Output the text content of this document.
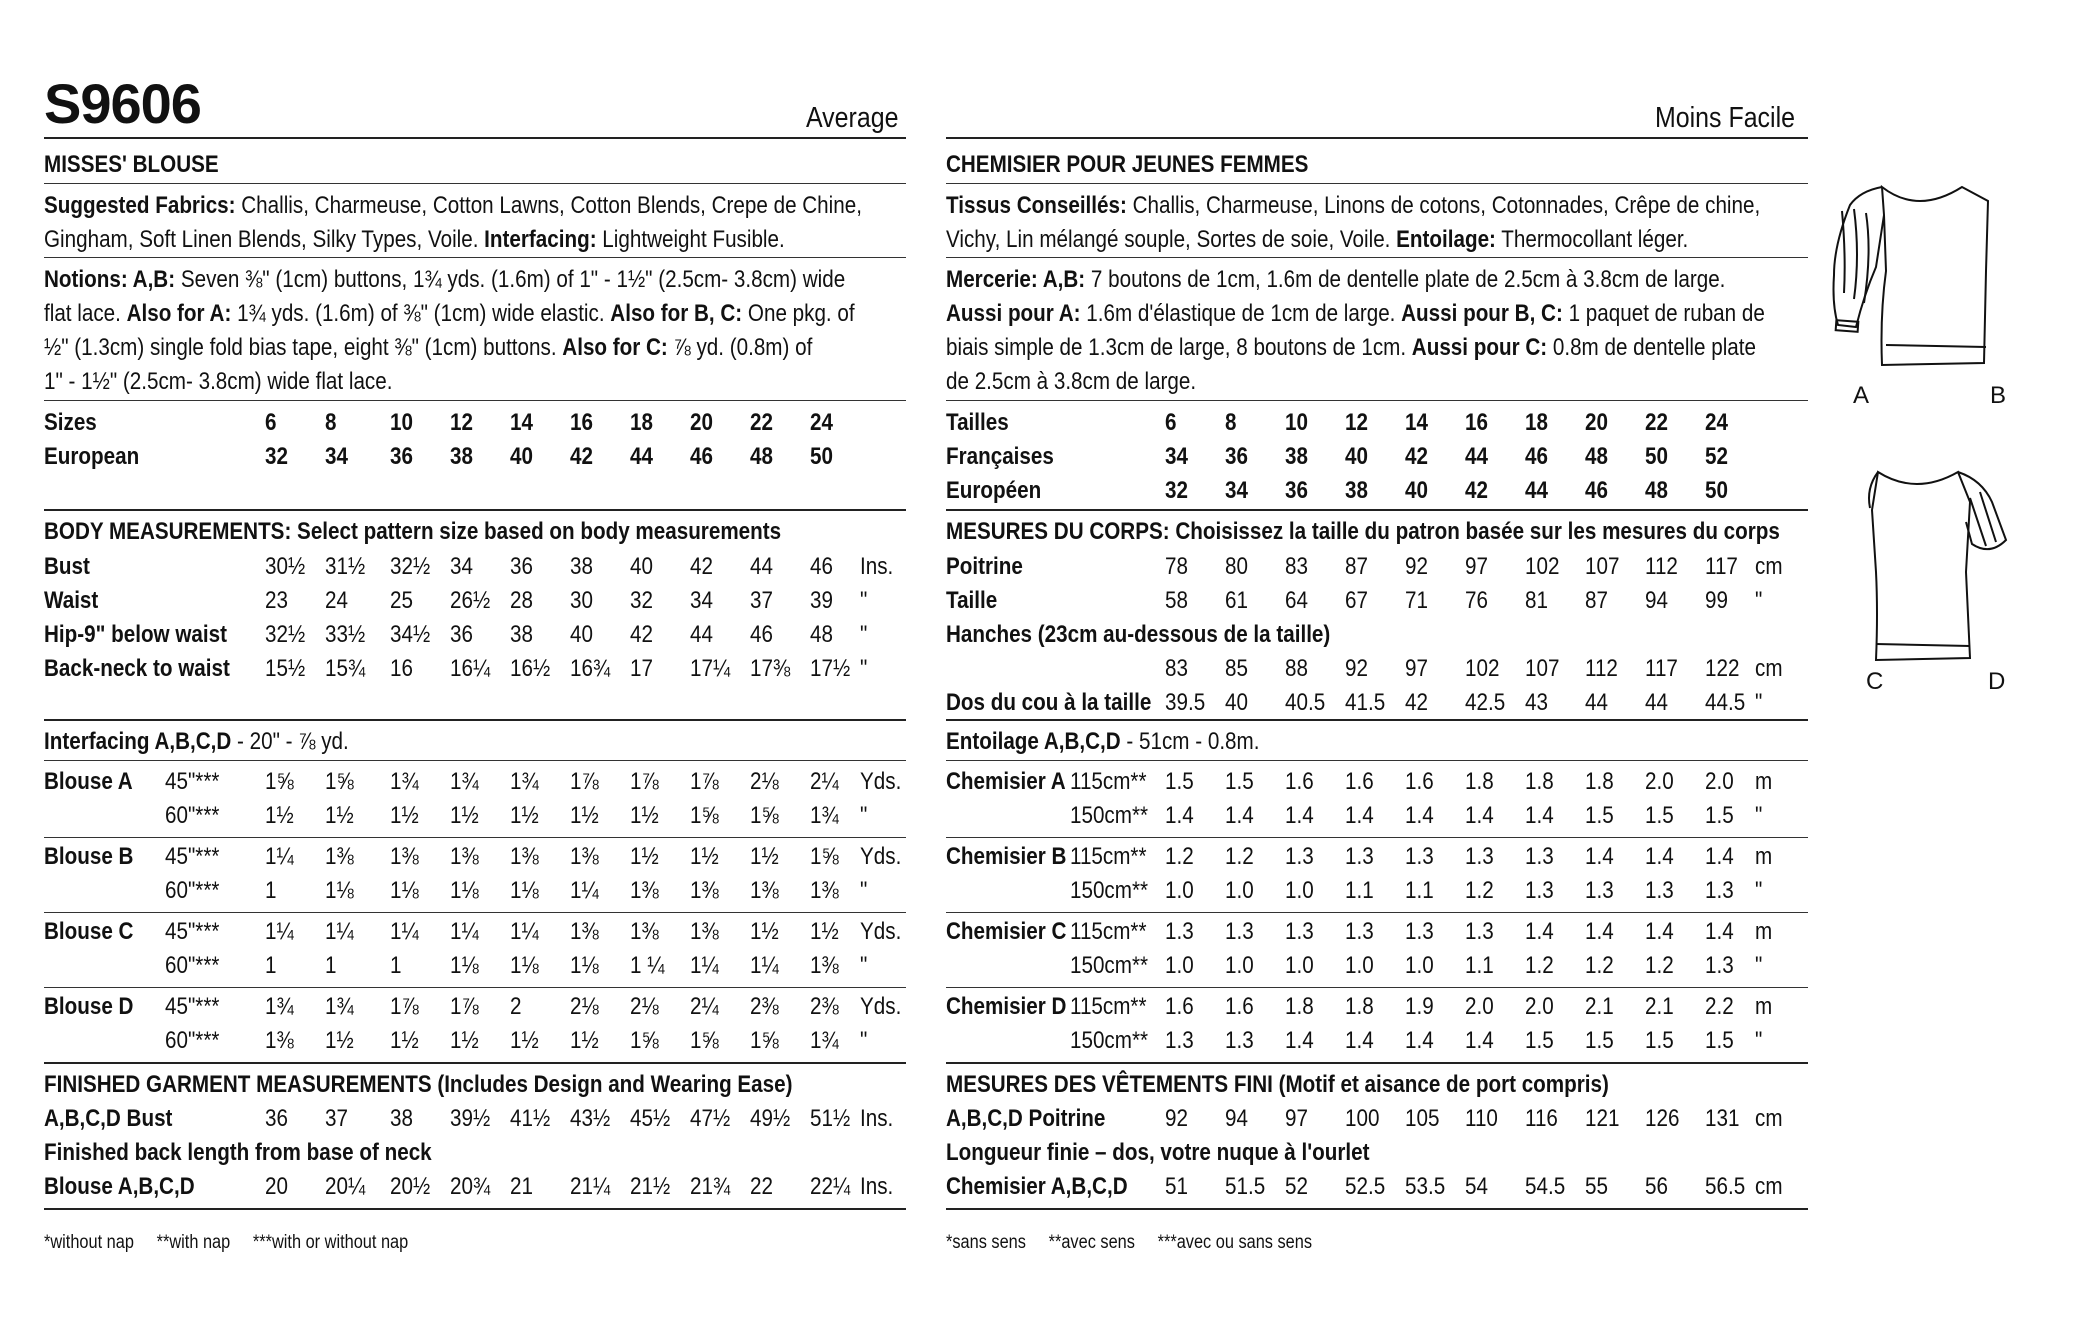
S9606	Average	Moins Facile
MISSES' BLOUSE
Suggested Fabrics: Challis, Charmeuse, Cotton Lawns, Cotton Blends, Crepe de Chine,
Gingham, Soft Linen Blends, Silky Types, Voile. Interfacing: Lightweight Fusible.
Notions: A,B: Seven ⅜" (1cm) buttons, 1¾ yds. (1.6m) of 1" - 1½" (2.5cm- 3.8cm) wide
flat lace. Also for A: 1¾ yds. (1.6m) of ⅜" (1cm) wide elastic. Also for B, C: One pkg. of
½" (1.3cm) single fold bias tape, eight ⅜" (1cm) buttons. Also for C: ⅞ yd. (0.8m) of
1" - 1½" (2.5cm- 3.8cm) wide flat lace.
Sizes	6 8 10 12 14 16 18 20 22 24
European	32 34 36 38 40 42 44 46 48 50
BODY MEASUREMENTS: Select pattern size based on body measurements
Bust	30½ 31½ 32½ 34 36 38 40 42 44 46 Ins.
Waist	23 24 25 26½ 28 30 32 34 37 39 "
Hip-9" below waist 32½ 33½ 34½ 36 38 40 42 44 46 48 "
Back-neck to waist 15½ 15¾ 16 16¼ 16½ 16¾ 17 17¼ 17⅜ 17½ "
Interfacing A,B,C,D - 20" - ⅞ yd.
Blouse A 45"*** 1⅝ 1⅝ 1¾ 1¾ 1¾ 1⅞ 1⅞ 1⅞ 2⅛ 2¼ Yds.
60"*** 1½ 1½ 1½ 1½ 1½ 1½ 1½ 1⅝ 1⅝ 1¾ "
Blouse B 45"*** 1¼ 1⅜ 1⅜ 1⅜ 1⅜ 1⅜ 1½ 1½ 1½ 1⅝ Yds.
60"*** 1 1⅛ 1⅛ 1⅛ 1⅛ 1¼ 1⅜ 1⅜ 1⅜ 1⅜ "
Blouse C 45"*** 1¼ 1¼ 1¼ 1¼ 1¼ 1⅜ 1⅜ 1⅜ 1½ 1½ Yds.
60"*** 1 1 1 1⅛ 1⅛ 1⅛ 1 ¼ 1¼ 1¼ 1⅜ "
Blouse D 45"*** 1¾ 1¾ 1⅞ 1⅞ 2 2⅛ 2⅛ 2¼ 2⅜ 2⅜ Yds.
60"*** 1⅜ 1½ 1½ 1½ 1½ 1½ 1⅝ 1⅝ 1⅝ 1¾ "
FINISHED GARMENT MEASUREMENTS (Includes Design and Wearing Ease)
A,B,C,D Bust	36 37 38 39½ 41½ 43½ 45½ 47½ 49½ 51½ Ins.
Finished back length from base of neck
Blouse A,B,C,D	20 20¼ 20½ 20¾ 21 21¼ 21½ 21¾ 22 22¼ Ins.
*without nap     **with nap     ***with or without nap
CHEMISIER POUR JEUNES FEMMES
Tissus Conseillés: Challis, Charmeuse, Linons de cotons, Cotonnades, Crêpe de chine,
Vichy, Lin mélangé souple, Sortes de soie, Voile. Entoilage: Thermocollant léger.
Mercerie: A,B: 7 boutons de 1cm, 1.6m de dentelle plate de 2.5cm à 3.8cm de large.
Aussi pour A: 1.6m d'élastique de 1cm de large. Aussi pour B, C: 1 paquet de ruban de
biais simple de 1.3cm de large, 8 boutons de 1cm. Aussi pour C: 0.8m de dentelle plate
de 2.5cm à 3.8cm de large.
Tailles	6 8 10 12 14 16 18 20 22 24
Françaises	34 36 38 40 42 44 46 48 50 52
Européen	32 34 36 38 40 42 44 46 48 50
MESURES DU CORPS: Choisissez la taille du patron basée sur les mesures du corps
Poitrine	78 80 83 87 92 97 102 107 112 117 cm
Taille	58 61 64 67 71 76 81 87 94 99 "
Hanches (23cm au-dessous de la taille)
83 85 88 92 97 102 107 112 117 122 cm
Dos du cou à la taille 39.5 40 40.5 41.5 42 42.5 43 44 44 44.5 "
Entoilage A,B,C,D - 51cm - 0.8m.
Chemisier A 115cm** 1.5 1.5 1.6 1.6 1.6 1.8 1.8 1.8 2.0 2.0 m
150cm** 1.4 1.4 1.4 1.4 1.4 1.4 1.4 1.5 1.5 1.5 "
Chemisier B 115cm** 1.2 1.2 1.3 1.3 1.3 1.3 1.3 1.4 1.4 1.4 m
150cm** 1.0 1.0 1.0 1.1 1.1 1.2 1.3 1.3 1.3 1.3 "
Chemisier C 115cm** 1.3 1.3 1.3 1.3 1.3 1.3 1.4 1.4 1.4 1.4 m
150cm** 1.0 1.0 1.0 1.0 1.0 1.1 1.2 1.2 1.2 1.3 "
Chemisier D 115cm** 1.6 1.6 1.8 1.8 1.9 2.0 2.0 2.1 2.1 2.2 m
150cm** 1.3 1.3 1.4 1.4 1.4 1.4 1.5 1.5 1.5 1.5 "
MESURES DES VÊTEMENTS FINI (Motif et aisance de port compris)
A,B,C,D Poitrine 92 94 97 100 105 110 116 121 126 131 cm
Longueur finie – dos, votre nuque à l'ourlet
Chemisier A,B,C,D 51 51.5 52 52.5 53.5 54 54.5 55 56 56.5 cm
*sans sens     **avec sens     ***avec ou sans sens
A	B
C	D
